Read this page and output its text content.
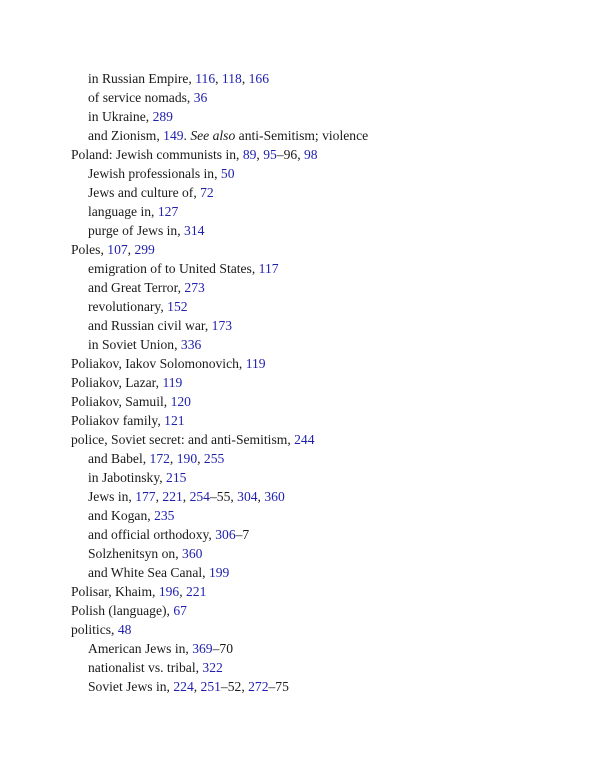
in Russian Empire, 116, 118, 166
of service nomads, 36
in Ukraine, 289
and Zionism, 149. See also anti-Semitism; violence
Poland: Jewish communists in, 89, 95–96, 98
Jewish professionals in, 50
Jews and culture of, 72
language in, 127
purge of Jews in, 314
Poles, 107, 299
emigration of to United States, 117
and Great Terror, 273
revolutionary, 152
and Russian civil war, 173
in Soviet Union, 336
Poliakov, Iakov Solomonovich, 119
Poliakov, Lazar, 119
Poliakov, Samuil, 120
Poliakov family, 121
police, Soviet secret: and anti-Semitism, 244
and Babel, 172, 190, 255
in Jabotinsky, 215
Jews in, 177, 221, 254–55, 304, 360
and Kogan, 235
and official orthodoxy, 306–7
Solzhenitsyn on, 360
and White Sea Canal, 199
Polisar, Khaim, 196, 221
Polish (language), 67
politics, 48
American Jews in, 369–70
nationalist vs. tribal, 322
Soviet Jews in, 224, 251–52, 272–75
